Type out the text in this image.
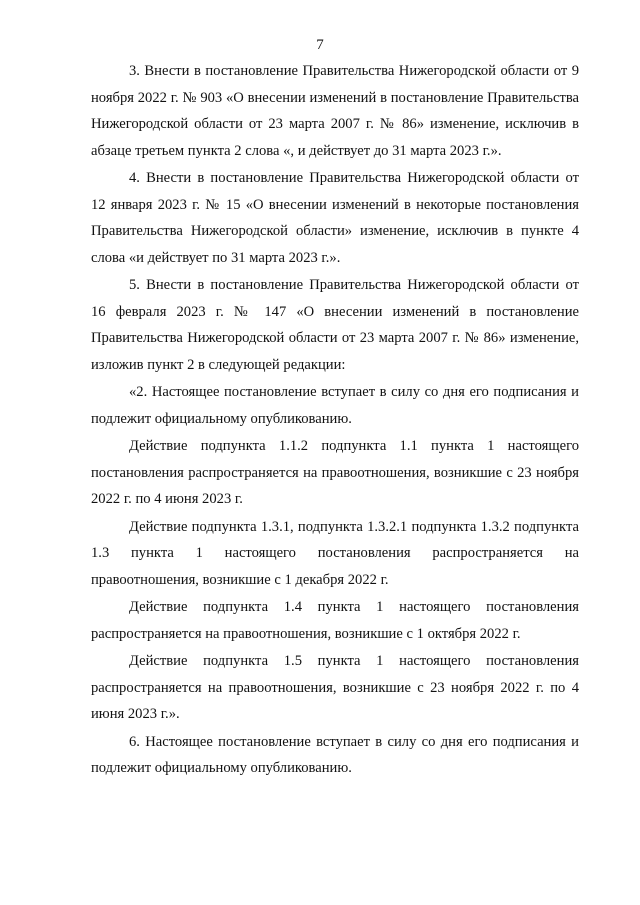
7

3. Внести в постановление Правительства Нижегородской области от 9 ноября 2022 г. № 903 «О внесении изменений в постановление Правительства Нижегородской области от 23 марта 2007 г. № 86» изменение, исключив в абзаце третьем пункта 2 слова «, и действует до 31 марта 2023 г.».

4. Внести в постановление Правительства Нижегородской области от 12 января 2023 г. № 15 «О внесении изменений в некоторые постановления Правительства Нижегородской области» изменение, исключив в пункте 4 слова «и действует по 31 марта 2023 г.».

5. Внести в постановление Правительства Нижегородской области от 16 февраля 2023 г. № 147 «О внесении изменений в постановление Правительства Нижегородской области от 23 марта 2007 г. № 86» изменение, изложив пункт 2 в следующей редакции:

«2. Настоящее постановление вступает в силу со дня его подписания и подлежит официальному опубликованию.

Действие подпункта 1.1.2 подпункта 1.1 пункта 1 настоящего постановления распространяется на правоотношения, возникшие с 23 ноября 2022 г. по 4 июня 2023 г.

Действие подпункта 1.3.1, подпункта 1.3.2.1 подпункта 1.3.2 подпункта 1.3 пункта 1 настоящего постановления распространяется на правоотношения, возникшие с 1 декабря 2022 г.

Действие подпункта 1.4 пункта 1 настоящего постановления распространяется на правоотношения, возникшие с 1 октября 2022 г.

Действие подпункта 1.5 пункта 1 настоящего постановления распространяется на правоотношения, возникшие с 23 ноября 2022 г. по 4 июня 2023 г.».

6. Настоящее постановление вступает в силу со дня его подписания и подлежит официальному опубликованию.
